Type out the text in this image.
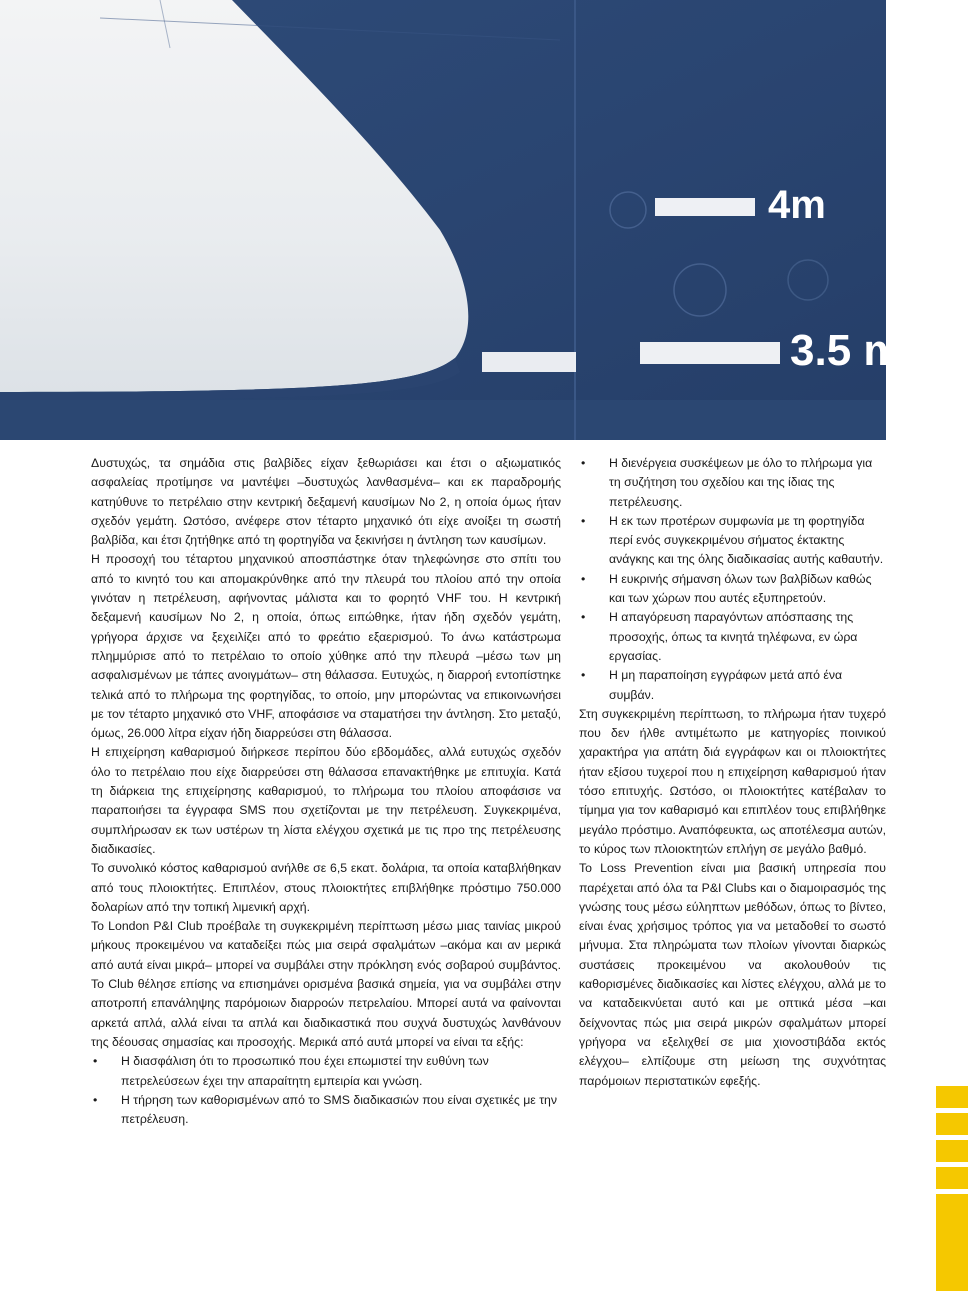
4m
3.5 m

Δυστυχώς, τα σημάδια στις βαλβίδες είχαν ξεθωριάσει και έτσι ο αξιωματικός ασφαλείας προτίμησε να μαντέψει –δυστυχώς λανθασμένα– και εκ παραδρομής κατηύθυνε το πετρέλαιο στην κεντρική δεξαμενή καυσίμων Νο 2, η οποία όμως ήταν σχεδόν γεμάτη. Ωστόσο, ανέφερε στον τέταρτο μηχανικό ότι είχε ανοίξει τη σωστή βαλβίδα, και έτσι ζητήθηκε από τη φορτηγίδα να ξεκινήσει η άντληση των καυσίμων.

Η προσοχή του τέταρτου μηχανικού αποσπάστηκε όταν τηλεφώνησε στο σπίτι του από το κινητό του και απομακρύνθηκε από την πλευρά του πλοίου από την οποία γινόταν η πετρέλευση, αφήνοντας μάλιστα και το φορητό VHF του. Η κεντρική δεξαμενή καυσίμων Νο 2, η οποία, όπως ειπώθηκε, ήταν ήδη σχεδόν γεμάτη, γρήγορα άρχισε να ξεχειλίζει από το φρεάτιο εξαερισμού. Το άνω κατάστρωμα πλημμύρισε από το πετρέλαιο το οποίο χύθηκε από την πλευρά –μέσω των μη ασφαλισμένων με τάπες ανοιγμάτων– στη θάλασσα. Ευτυχώς, η διαρροή εντοπίστηκε τελικά από το πλήρωμα της φορτηγίδας, το οποίο, μην μπορώντας να επικοινωνήσει με τον τέταρτο μηχανικό στο VHF, αποφάσισε να σταματήσει την άντληση. Στο μεταξύ, όμως, 26.000 λίτρα είχαν ήδη διαρρεύσει στη θάλασσα.

Η επιχείρηση καθαρισμού διήρκεσε περίπου δύο εβδομάδες, αλλά ευτυχώς σχεδόν όλο το πετρέλαιο που είχε διαρρεύσει στη θάλασσα επανακτήθηκε με επιτυχία. Κατά τη διάρκεια της επιχείρησης καθαρισμού, το πλήρωμα του πλοίου αποφάσισε να παραποιήσει τα έγγραφα SMS που σχετίζονται με την πετρέλευση. Συγκεκριμένα, συμπλήρωσαν εκ των υστέρων τη λίστα ελέγχου σχετικά με τις προ της πετρέλευσης διαδικασίες.

Το συνολικό κόστος καθαρισμού ανήλθε σε 6,5 εκατ. δολάρια, τα οποία καταβλήθηκαν από τους πλοιοκτήτες. Επιπλέον, στους πλοιοκτήτες επιβλήθηκε πρόστιμο 750.000 δολαρίων από την τοπική λιμενική αρχή.

Το London P&I Club προέβαλε τη συγκεκριμένη περίπτωση μέσω μιας ταινίας μικρού μήκους προκειμένου να καταδείξει πώς μια σειρά σφαλμάτων –ακόμα και αν μερικά από αυτά είναι μικρά– μπορεί να συμβάλει στην πρόκληση ενός σοβαρού συμβάντος. Το Club θέλησε επίσης να επισημάνει ορισμένα βασικά σημεία, για να συμβάλει στην αποτροπή επανάληψης παρόμοιων διαρροών πετρελαίου. Μπορεί αυτά να φαίνονται αρκετά απλά, αλλά είναι τα απλά και διαδικαστικά που συχνά δυστυχώς λανθάνουν της δέουσας σημασίας και προσοχής. Μερικά από αυτά μπορεί να είναι τα εξής:

• Η διασφάλιση ότι το προσωπικό που έχει επωμιστεί την ευθύνη των πετρελεύσεων έχει την απαραίτητη εμπειρία και γνώση.
• Η τήρηση των καθορισμένων από το SMS διαδικασιών που είναι σχετικές με την πετρέλευση.
• Η διενέργεια συσκέψεων με όλο το πλήρωμα για τη συζήτηση του σχεδίου και της ίδιας της πετρέλευσης.
• Η εκ των προτέρων συμφωνία με τη φορτηγίδα περί ενός συγκεκριμένου σήματος έκτακτης ανάγκης και της όλης διαδικασίας αυτής καθαυτήν.
• Η ευκρινής σήμανση όλων των βαλβίδων καθώς και των χώρων που αυτές εξυπηρετούν.
• Η απαγόρευση παραγόντων απόσπασης της προσοχής, όπως τα κινητά τηλέφωνα, εν ώρα εργασίας.
• Η μη παραποίηση εγγράφων μετά από ένα συμβάν.

Στη συγκεκριμένη περίπτωση, το πλήρωμα ήταν τυχερό που δεν ήλθε αντιμέτωπο με κατηγορίες ποινικού χαρακτήρα για απάτη διά εγγράφων και οι πλοιοκτήτες ήταν εξίσου τυχεροί που η επιχείρηση καθαρισμού ήταν τόσο επιτυχής. Ωστόσο, οι πλοιοκτήτες κατέβαλαν το τίμημα για τον καθαρισμό και επιπλέον τους επιβλήθηκε μεγάλο πρόστιμο. Αναπόφευκτα, ως αποτέλεσμα αυτών, το κύρος των πλοιοκτητών επλήγη σε μεγάλο βαθμό.

Το Loss Prevention είναι μια βασική υπηρεσία που παρέχεται από όλα τα P&I Clubs και ο διαμοιρασμός της γνώσης τους μέσω εύληπτων μεθόδων, όπως το βίντεο, είναι ένας χρήσιμος τρόπος για να μεταδοθεί το σωστό μήνυμα. Στα πληρώματα των πλοίων γίνονται διαρκώς συστάσεις προκειμένου να ακολουθούν τις καθορισμένες διαδικασίες και λίστες ελέγχου, αλλά με το να καταδεικνύεται αυτό και με οπτικά μέσα –και δείχνοντας πώς μια σειρά μικρών σφαλμάτων μπορεί γρήγορα να εξελιχθεί σε μια χιονοστιβάδα εκτός ελέγχου– ελπίζουμε στη μείωση της συχνότητας παρόμοιων περιστατικών εφεξής.
